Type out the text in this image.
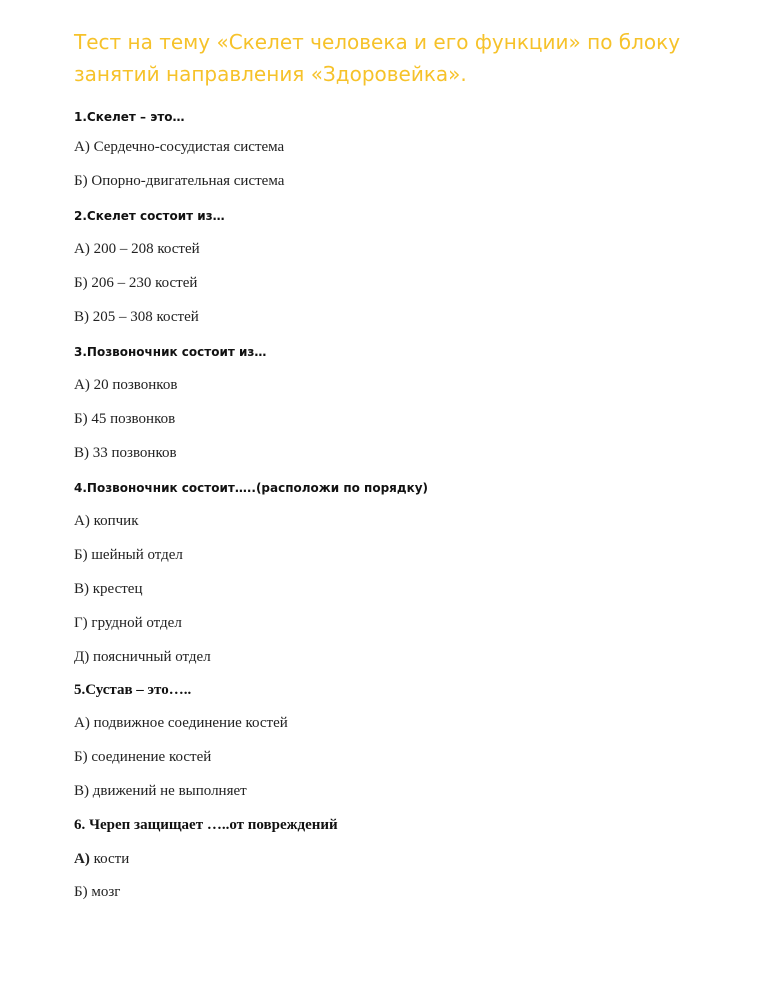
Тест на тему «Скелет человека и его функции» по блоку занятий направления «Здоровейка».
1.Скелет – это…
А) Сердечно-сосудистая система
Б) Опорно-двигательная система
2.Скелет состоит из…
А) 200 – 208 костей
Б) 206 – 230 костей
В) 205 – 308 костей
3.Позвоночник состоит из…
А) 20 позвонков
Б) 45 позвонков
В) 33 позвонков
4.Позвоночник состоит…..(расположи по порядку)
А) копчик
Б) шейный отдел
В) крестец
Г) грудной отдел
Д) поясничный отдел
5.Сустав – это…..
А) подвижное соединение костей
Б) соединение костей
В) движений не выполняет
6. Череп защищает …..от повреждений
А) кости
Б) мозг
